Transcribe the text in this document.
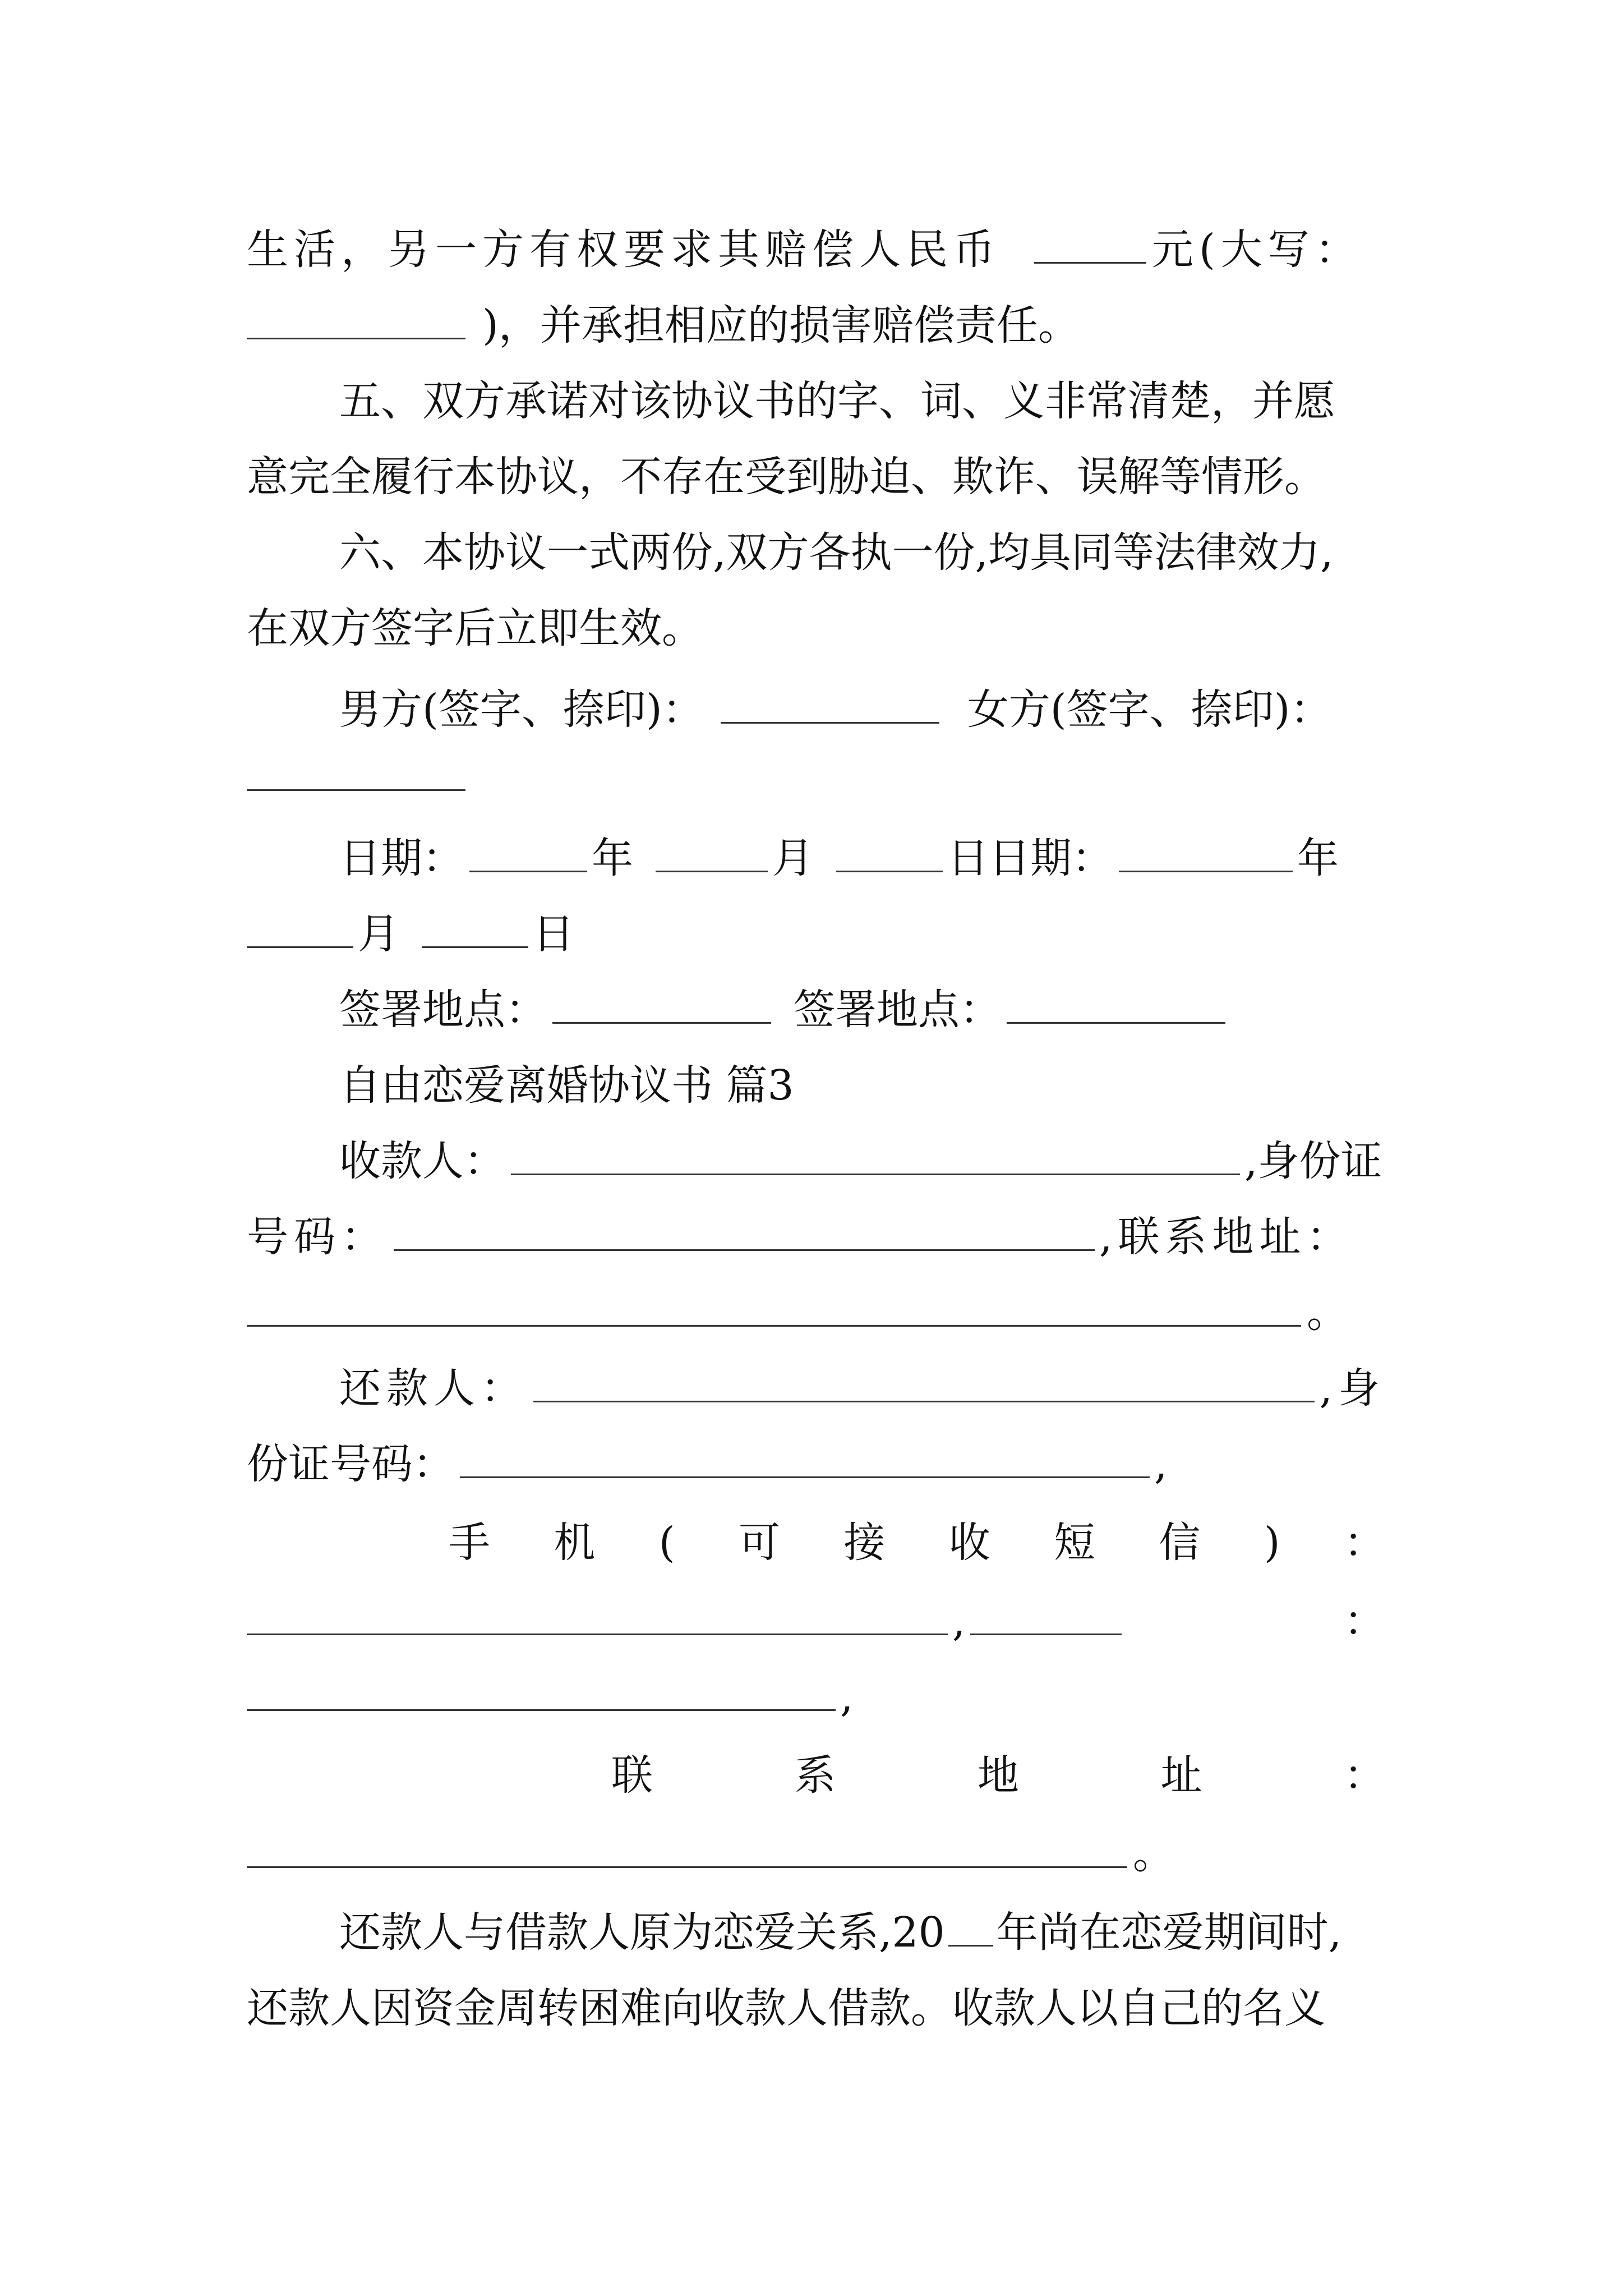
生活，另一方有权要求其赔偿人民币	元(大写：
)，并承担相应的损害赔偿责任。
五、双方承诺对该协议书的字、词、义非常清楚，并愿
意完全履行本协议，不存在受到胁迫、欺诈、误解等情形。
六、本协议一式两份,双方各执一份,均具同等法律效力,
在双方签字后立即生效。
男方(签字、捺印)：	女方(签字、捺印)：
日期：	年	月	日日期：	年
月	日
签署地点：	签署地点：
自由恋爱离婚协议书 篇3
收款人：	,身份证
号码：	,联系地址：
。
还款人：	,身
份证号码：	,
手 机 ( 可 接 收 短 信 ) ：
,	：
,
联	系	地	址	：
。
还款人与借款人原为恋爱关系,20 年尚在恋爱期间时,
还款人因资金周转困难向收款人借款。收款人以自己的名义
